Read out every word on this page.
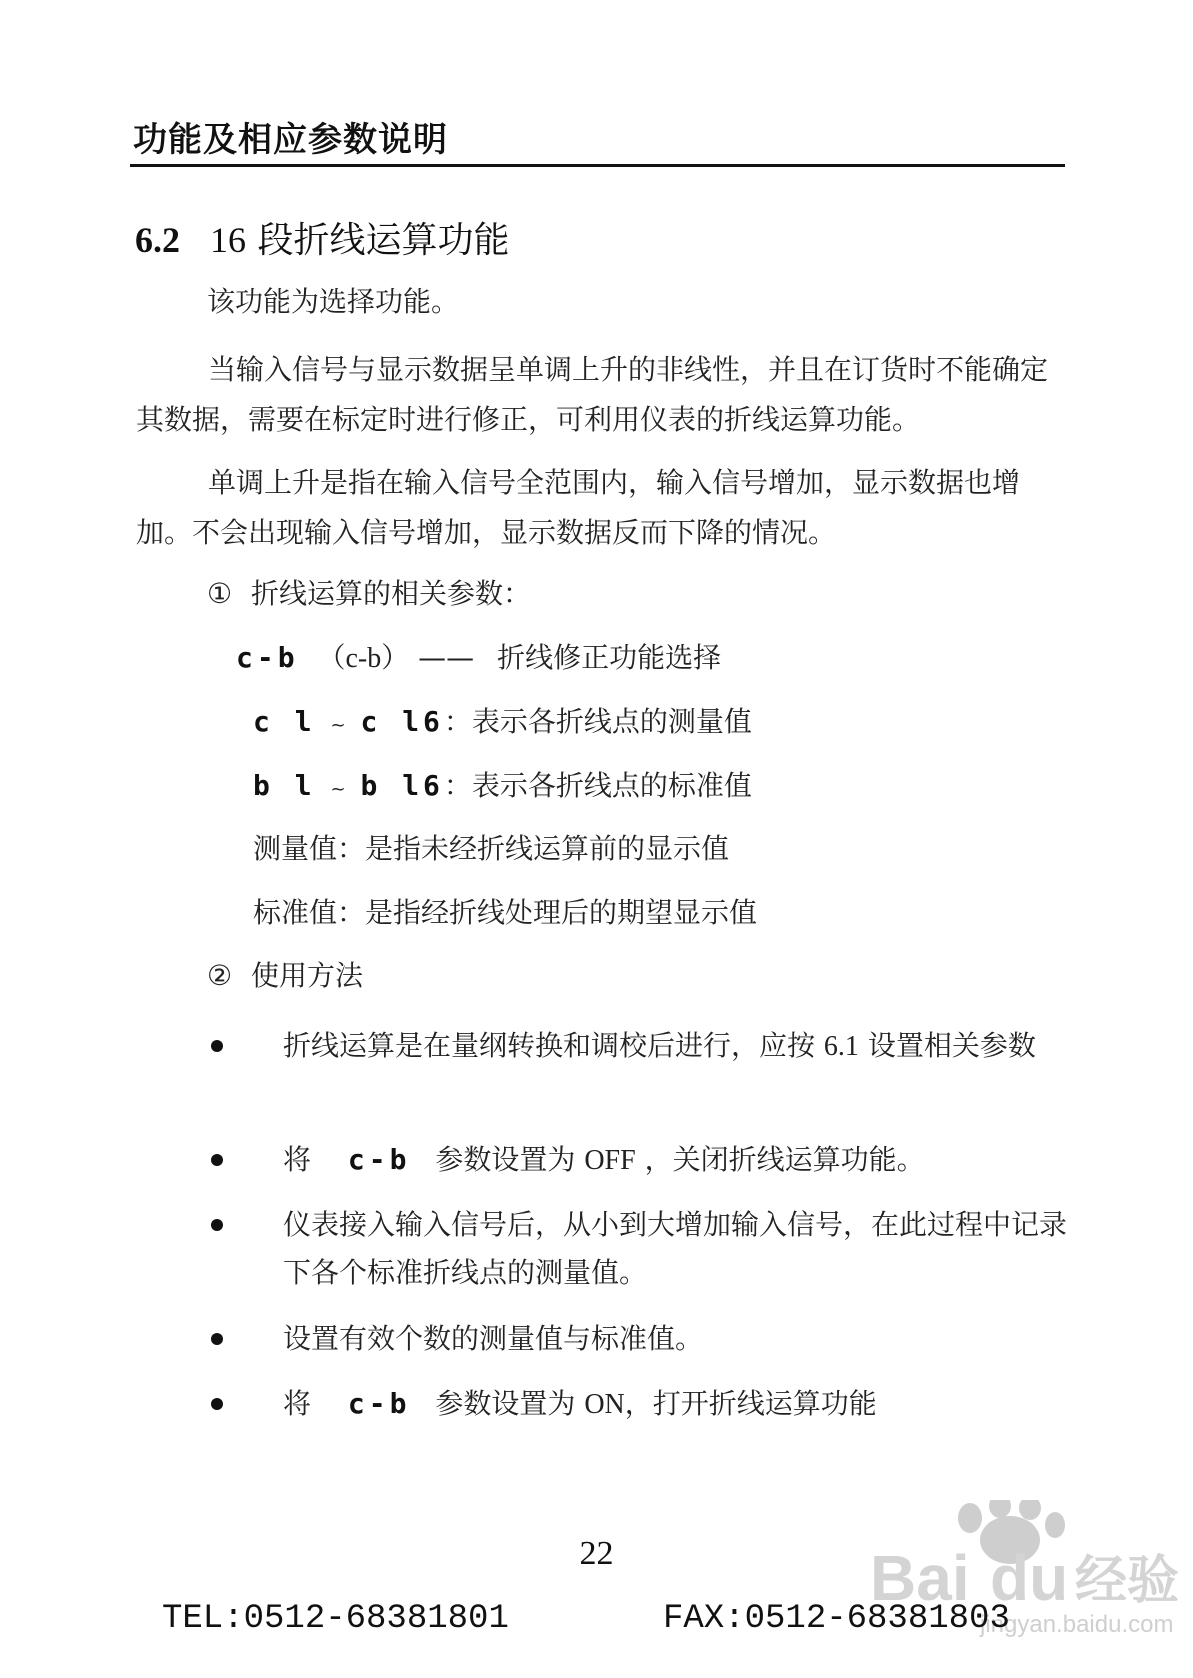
功能及相应参数说明
6.2 16 段折线运算功能
该功能为选择功能。
当输入信号与显示数据呈单调上升的非线性，并且在订货时不能确定其数据，需要在标定时进行修正，可利用仪表的折线运算功能。
单调上升是指在输入信号全范围内，输入信号增加，显示数据也增加。不会出现输入信号增加，显示数据反而下降的情况。
① 折线运算的相关参数：
c-b （c-b） —— 折线修正功能选择
c l ~ c l6：表示各折线点的测量值
b l ~ b l6：表示各折线点的标准值
测量值：是指未经折线运算前的显示值
标准值：是指经折线处理后的期望显示值
② 使用方法
折线运算是在量纲转换和调校后进行，应按 6.1 设置相关参数
将 c-b 参数设置为 OFF ，关闭折线运算功能。
仪表接入输入信号后，从小到大增加输入信号，在此过程中记录下各个标准折线点的测量值。
设置有效个数的测量值与标准值。
将 c-b 参数设置为 ON，打开折线运算功能
Bai du 经验
jingyan.baidu.com
22
TEL:0512-68381801	FAX:0512-68381803
